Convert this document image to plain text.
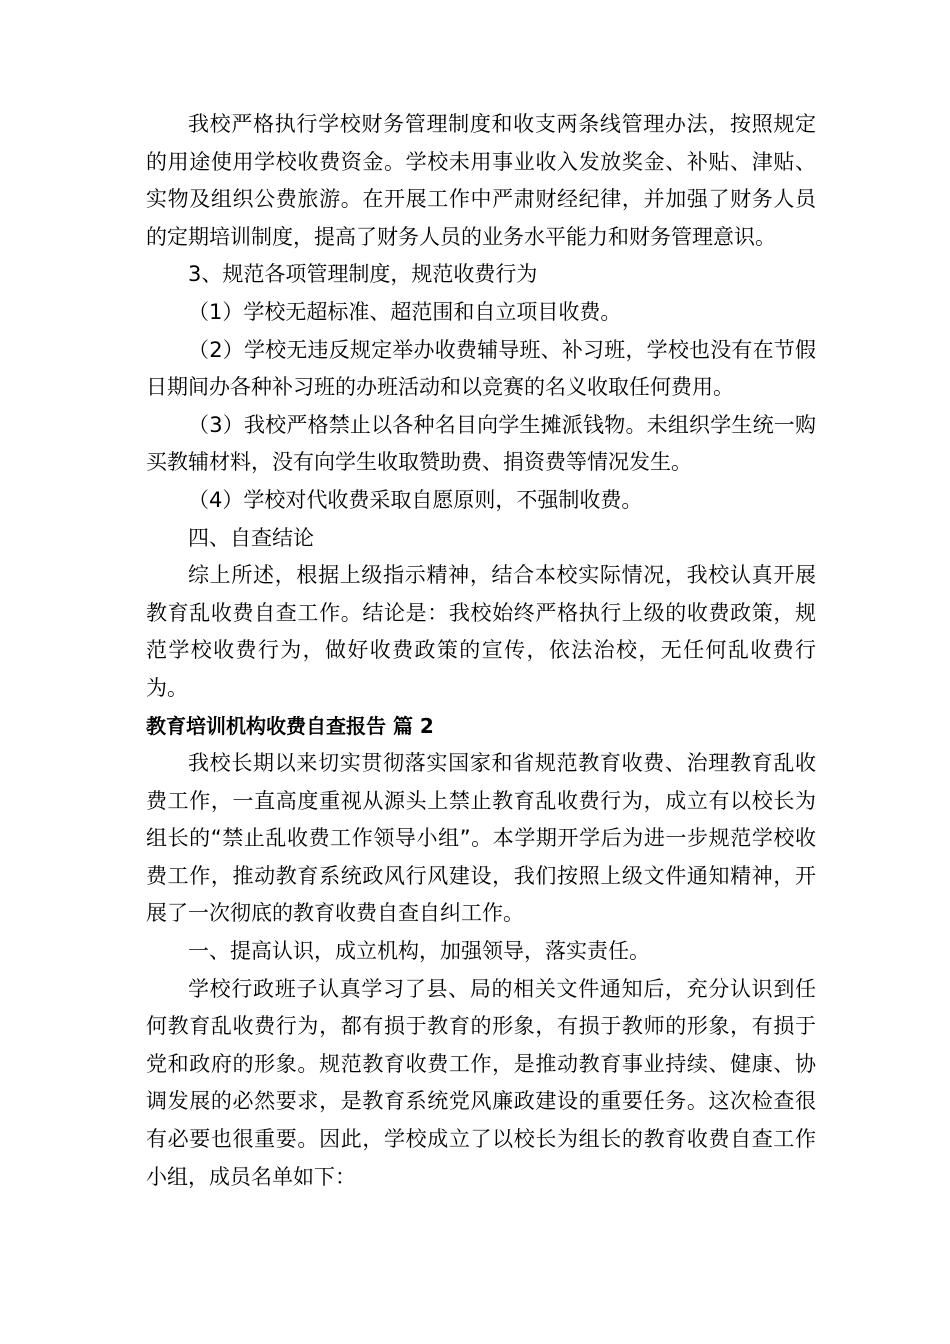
我校严格执行学校财务管理制度和收支两条线管理办法，按照规定的用途使用学校收费资金。学校未用事业收入发放奖金、补贴、津贴、实物及组织公费旅游。在开展工作中严肃财经纪律，并加强了财务人员的定期培训制度，提高了财务人员的业务水平能力和财务管理意识。

3、规范各项管理制度，规范收费行为

（1）学校无超标准、超范围和自立项目收费。

（2）学校无违反规定举办收费辅导班、补习班，学校也没有在节假日期间办各种补习班的办班活动和以竞赛的名义收取任何费用。

（3）我校严格禁止以各种名目向学生摊派钱物。未组织学生统一购买教辅材料，没有向学生收取赞助费、捐资费等情况发生。

（4）学校对代收费采取自愿原则，不强制收费。

四、自查结论

综上所述，根据上级指示精神，结合本校实际情况，我校认真开展教育乱收费自查工作。结论是：我校始终严格执行上级的收费政策，规范学校收费行为，做好收费政策的宣传，依法治校，无任何乱收费行为。

教育培训机构收费自查报告 篇 2

我校长期以来切实贯彻落实国家和省规范教育收费、治理教育乱收费工作，一直高度重视从源头上禁止教育乱收费行为，成立有以校长为组长的“禁止乱收费工作领导小组”。本学期开学后为进一步规范学校收费工作，推动教育系统政风行风建设，我们按照上级文件通知精神，开展了一次彻底的教育收费自查自纠工作。

一、提高认识，成立机构，加强领导，落实责任。

学校行政班子认真学习了县、局的相关文件通知后，充分认识到任何教育乱收费行为，都有损于教育的形象，有损于教师的形象，有损于党和政府的形象。规范教育收费工作，是推动教育事业持续、健康、协调发展的必然要求，是教育系统党风廉政建设的重要任务。这次检查很有必要也很重要。因此，学校成立了以校长为组长的教育收费自查工作小组，成员名单如下：
